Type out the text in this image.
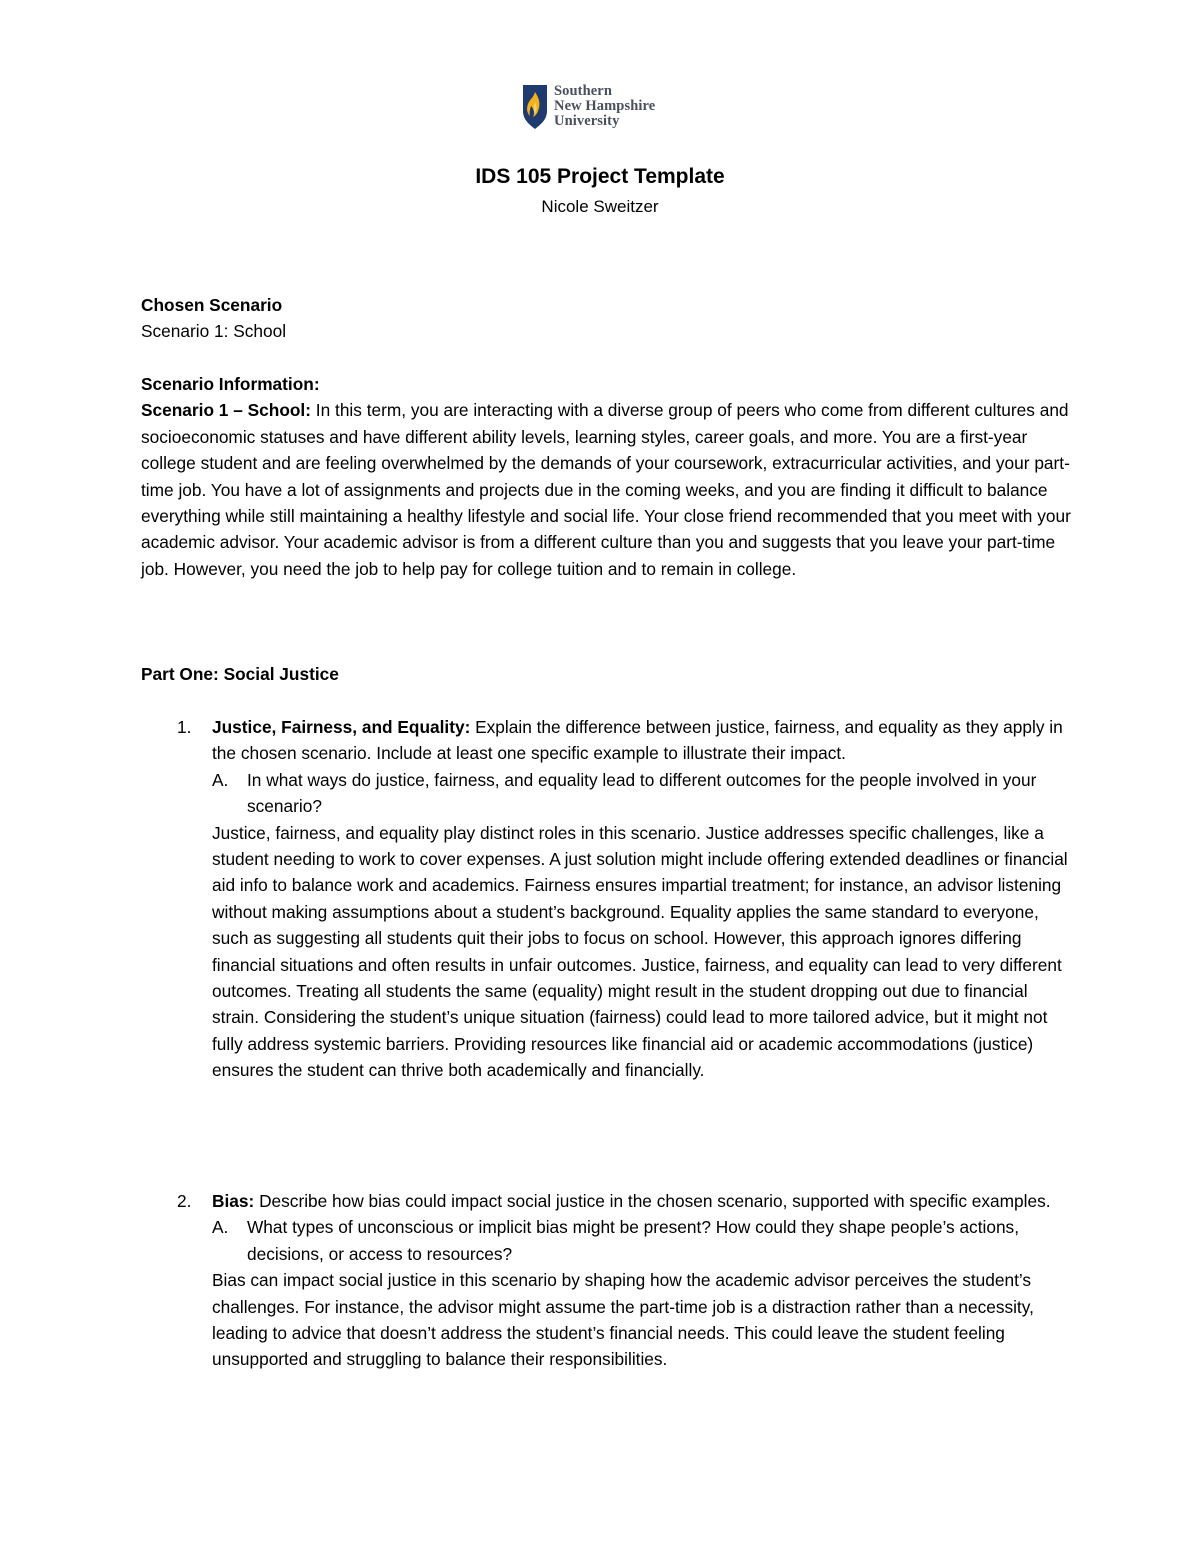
Southern
New Hampshire
University
IDS 105 Project Template
Nicole Sweitzer

Chosen Scenario

Scenario 1: School

Scenario Information:

Scenario 1 – School: In this term, you are interacting with a diverse group of peers who come from different cultures and socioeconomic statuses and have different ability levels, learning styles, career goals, and more. You are a first-year college student and are feeling overwhelmed by the demands of your coursework, extracurricular activities, and your part-time job. You have a lot of assignments and projects due in the coming weeks, and you are finding it difficult to balance everything while still maintaining a healthy lifestyle and social life. Your close friend recommended that you meet with your academic advisor. Your academic advisor is from a different culture than you and suggests that you leave your part-time job. However, you need the job to help pay for college tuition and to remain in college.

Part One: Social Justice

1. Justice, Fairness, and Equality: Explain the difference between justice, fairness, and equality as they apply in the chosen scenario. Include at least one specific example to illustrate their impact.

A. In what ways do justice, fairness, and equality lead to different outcomes for the people involved in your scenario?

Justice, fairness, and equality play distinct roles in this scenario. Justice addresses specific challenges, like a student needing to work to cover expenses. A just solution might include offering extended deadlines or financial aid info to balance work and academics. Fairness ensures impartial treatment; for instance, an advisor listening without making assumptions about a student’s background. Equality applies the same standard to everyone, such as suggesting all students quit their jobs to focus on school. However, this approach ignores differing financial situations and often results in unfair outcomes. Justice, fairness, and equality can lead to very different outcomes. Treating all students the same (equality) might result in the student dropping out due to financial strain. Considering the student’s unique situation (fairness) could lead to more tailored advice, but it might not fully address systemic barriers. Providing resources like financial aid or academic accommodations (justice) ensures the student can thrive both academically and financially.

2. Bias: Describe how bias could impact social justice in the chosen scenario, supported with specific examples.

A. What types of unconscious or implicit bias might be present? How could they shape people’s actions, decisions, or access to resources?

Bias can impact social justice in this scenario by shaping how the academic advisor perceives the student’s challenges. For instance, the advisor might assume the part-time job is a distraction rather than a necessity, leading to advice that doesn’t address the student’s financial needs. This could leave the student feeling unsupported and struggling to balance their responsibilities.
